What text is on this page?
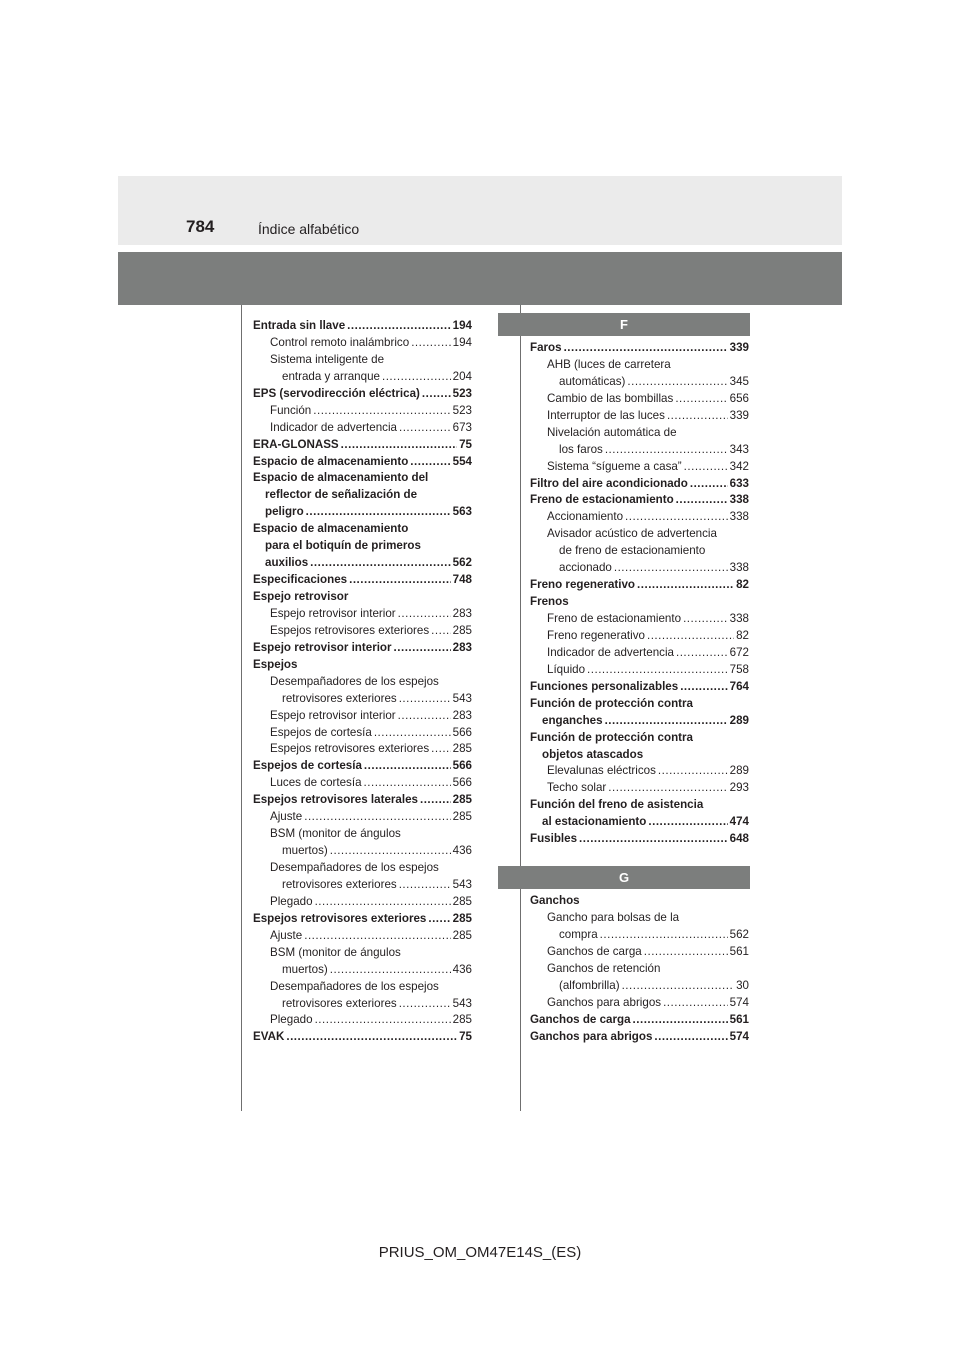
784	Índice alfabético
Entrada sin llave .....	194
Control remoto inalámbrico .....	194
Sistema inteligente de
entrada y arranque .....	204
EPS (servodirección eléctrica) .....	523
Función .....	523
Indicador de advertencia .....	673
ERA-GLONASS .....	75
Espacio de almacenamiento .....	554
Espacio de almacenamiento del
reflector de señalización de
peligro .....	563
Espacio de almacenamiento
para el botiquín de primeros
auxilios .....	562
Especificaciones .....	748
Espejo retrovisor
Espejo retrovisor interior .....	283
Espejos retrovisores exteriores ..... 285
Espejo retrovisor interior .....	283
Espejos
Desempañadores de los espejos
retrovisores exteriores .....	543
Espejo retrovisor interior .....	283
Espejos de cortesía .....	566
Espejos retrovisores exteriores ..... 285
Espejos de cortesía .....	566
Luces de cortesía .....	566
Espejos retrovisores laterales .....	285
Ajuste .....	285
BSM (monitor de ángulos
muertos) .....	436
Desempañadores de los espejos
retrovisores exteriores .....	543
Plegado .....	285
Espejos retrovisores exteriores ..... 285
Ajuste .....	285
BSM (monitor de ángulos
muertos) .....	436
Desempañadores de los espejos
retrovisores exteriores .....	543
Plegado .....	285
EVAK .....	75
F
Faros .....	339
AHB (luces de carretera
automáticas) .....	345
Cambio de las bombillas .....	656
Interruptor de las luces .....	339
Nivelación automática de
los faros .....	343
Sistema “sígueme a casa” .....	342
Filtro del aire acondicionado .....	633
Freno de estacionamiento .....	338
Accionamiento .....	338
Avisador acústico de advertencia
de freno de estacionamiento
accionado .....	338
Freno regenerativo .....	82
Frenos
Freno de estacionamiento .....	338
Freno regenerativo .....	82
Indicador de advertencia .....	672
Líquido .....	758
Funciones personalizables .....	764
Función de protección contra
enganches .....	289
Función de protección contra
objetos atascados
Elevalunas eléctricos .....	289
Techo solar .....	293
Función del freno de asistencia
al estacionamiento .....	474
Fusibles .....	648
G
Ganchos
Gancho para bolsas de la
compra .....	562
Ganchos de carga .....	561
Ganchos de retención
(alfombrilla) .....	30
Ganchos para abrigos .....	574
Ganchos de carga .....	561
Ganchos para abrigos .....	574
PRIUS_OM_OM47E14S_(ES)
